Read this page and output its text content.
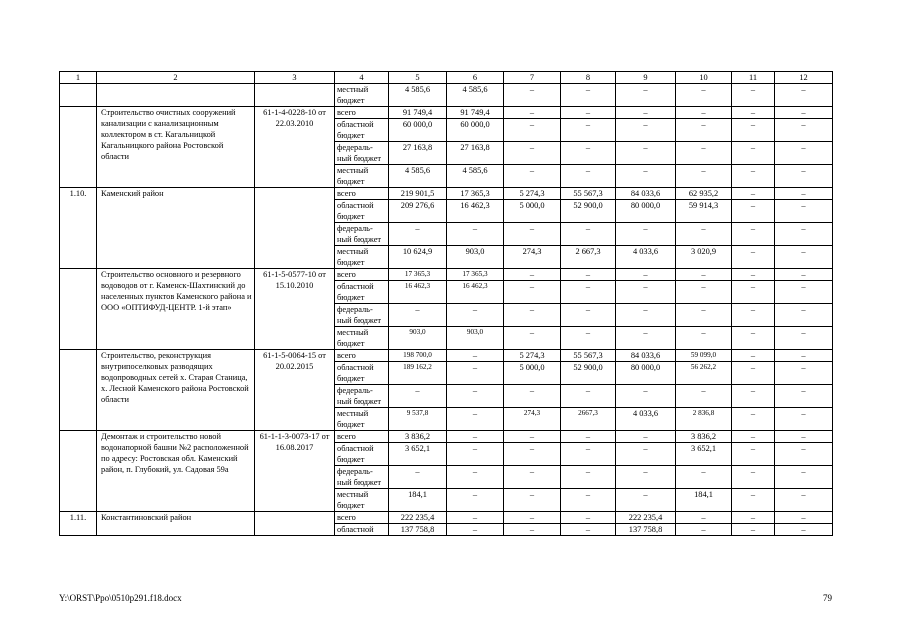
1	2	3	4	5	6	7	8	9	10	11	12
			местный бюджет	4 585,6	4 585,6	–	–	–	–	–	–
	Строительство очистных сооружений канализации с канализационным коллектором в ст. Кагальницкой Кагальницкого района Ростовской области	61-1-4-0228-10 от 22.03.2010	всего	91 749,4	91 749,4	–	–	–	–	–	–
			областной бюджет	60 000,0	60 000,0	–	–	–	–	–	–
			федераль-ный бюджет	27 163,8	27 163,8	–	–	–	–	–	–
			местный бюджет	4 585,6	4 585,6	–	–	–	–	–	–
1.10.	Каменский район		всего	219 901,5	17 365,3	5 274,3	55 567,3	84 033,6	62 935,2	–	–
			областной бюджет	209 276,6	16 462,3	5 000,0	52 900,0	80 000,0	59 914,3	–	–
			федераль-ный бюджет	–	–	–	–	–	–	–	–
			местный бюджет	10 624,9	903,0	274,3	2 667,3	4 033,6	3 020,9	–	–
	Строительство основного и резервного водоводов от г. Каменск-Шахтинский до населенных пунктов Каменского района и ООО «ОПТИФУД-ЦЕНТР. 1-й этап»	61-1-5-0577-10 от 15.10.2010	всего	17 365,3	17 365,3	–	–	–	–	–	–
			областной бюджет	16 462,3	16 462,3	–	–	–	–	–	–
			федераль-ный бюджет	–	–	–	–	–	–	–	–
			местный бюджет	903,0	903,0	–	–	–	–	–	–
	Строительство, реконструкция внутрипоселковых разводящих водопроводных сетей х. Старая Станица, х. Лесной Каменского района Ростовской области	61-1-5-0064-15 от 20.02.2015	всего	198 700,0	–	5 274,3	55 567,3	84 033,6	59 099,0	–	–
			областной бюджет	189 162,2	–	5 000,0	52 900,0	80 000,0	56 262,2	–	–
			федераль-ный бюджет	–	–	–	–	–	–	–	–
			местный бюджет	9 537,8	–	274,3	2667,3	4 033,6	2 836,8	–	–
	Демонтаж и строительство новой водонапорной башни №2 расположенной по адресу: Ростовская обл. Каменский район, п. Глубокий, ул. Садовая 59а	61-1-1-3-0073-17 от 16.08.2017	всего	3 836,2	–	–	–	–	3 836,2	–	–
			областной бюджет	3 652,1	–	–	–	–	3 652,1	–	–
			федераль-ный бюджет	–	–	–	–	–	–	–	–
			местный бюджет	184,1	–	–	–	–	184,1	–	–
1.11.	Константиновский район		всего	222 235,4	–	–	–	222 235,4	–	–	–
			областной	137 758,8	–	–	–	137 758,8	–	–	–
Y:\ORST\Ppo\0510p291.f18.docx	79
